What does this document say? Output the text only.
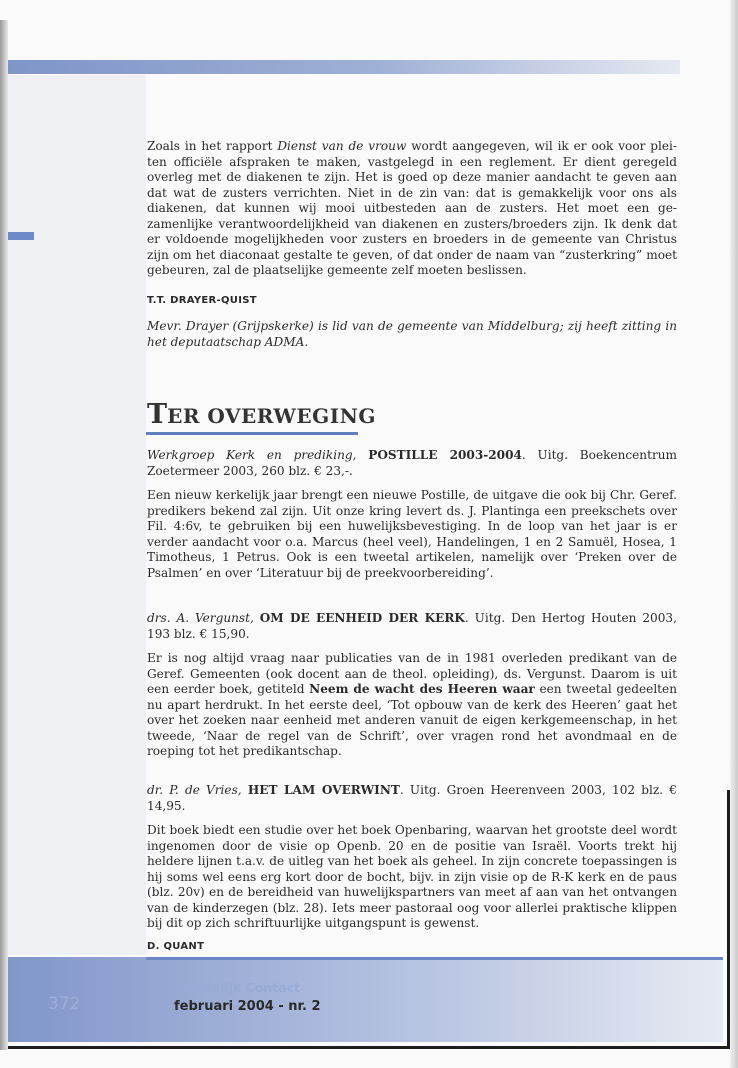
Zoals in het rapport Dienst van de vrouw wordt aangegeven, wil ik er ook voor pleiten officiële afspraken te maken, vastgelegd in een reglement. Er dient geregeld overleg met de diakenen te zijn. Het is goed op deze manier aandacht te geven aan dat wat de zusters verrichten. Niet in de zin van: dat is gemakkelijk voor ons als diakenen, dat kunnen wij mooi uitbesteden aan de zusters. Het moet een gezamenlijke verantwoordelijkheid van diakenen en zusters/broeders zijn. Ik denk dat er voldoende mogelijkheden voor zusters en broeders in de gemeente van Christus zijn om het diaconaat gestalte te geven, of dat onder de naam van “zusterkring” moet gebeuren, zal de plaatselijke gemeente zelf moeten beslissen.

T.T. DRAYER-QUIST

Mevr. Drayer (Grijpskerke) is lid van de gemeente van Middelburg; zij heeft zitting in het deputaatschap ADMA.

TER OVERWEGING

Werkgroep Kerk en prediking, POSTILLE 2003-2004. Uitg. Boekencentrum Zoetermeer 2003, 260 blz. € 23,-.

Een nieuw kerkelijk jaar brengt een nieuwe Postille, de uitgave die ook bij Chr. Geref. predikers bekend zal zijn. Uit onze kring levert ds. J. Plantinga een preekschets over Fil. 4:6v, te gebruiken bij een huwelijksbevestiging. In de loop van het jaar is er verder aandacht voor o.a. Marcus (heel veel), Handelingen, 1 en 2 Samuël, Hosea, 1 Timotheus, 1 Petrus. Ook is een tweetal artikelen, namelijk over ‘Preken over de Psalmen’ en over ‘Literatuur bij de preekvoorbereiding’.

drs. A. Vergunst, OM DE EENHEID DER KERK. Uitg. Den Hertog Houten 2003, 193 blz. € 15,90.

Er is nog altijd vraag naar publicaties van de in 1981 overleden predikant van de Geref. Gemeenten (ook docent aan de theol. opleiding), ds. Vergunst. Daarom is uit een eerder boek, getiteld Neem de wacht des Heeren waar een tweetal gedeelten nu apart herdrukt. In het eerste deel, ‘Tot opbouw van de kerk des Heeren’ gaat het over het zoeken naar eenheid met anderen vanuit de eigen kerkgemeenschap, in het tweede, ‘Naar de regel van de Schrift’, over vragen rond het avondmaal en de roeping tot het predikantschap.

dr. P. de Vries, HET LAM OVERWINT. Uitg. Groen Heerenveen 2003, 102 blz. € 14,95.

Dit boek biedt een studie over het boek Openbaring, waarvan het grootste deel wordt ingenomen door de visie op Openb. 20 en de positie van Israël. Voorts trekt hij heldere lijnen t.a.v. de uitleg van het boek als geheel. In zijn concrete toepassingen is hij soms wel eens erg kort door de bocht, bijv. in zijn visie op de R-K kerk en de paus (blz. 20v) en de bereidheid van huwelijkspartners van meet af aan van het ontvangen van de kinderzegen (blz. 28). Iets meer pastoraal oog voor allerlei praktische klippen bij dit op zich schriftuurlijke uitgangspunt is gewenst.

D. QUANT

372
Ambtelijk Contact
februari 2004 - nr. 2
